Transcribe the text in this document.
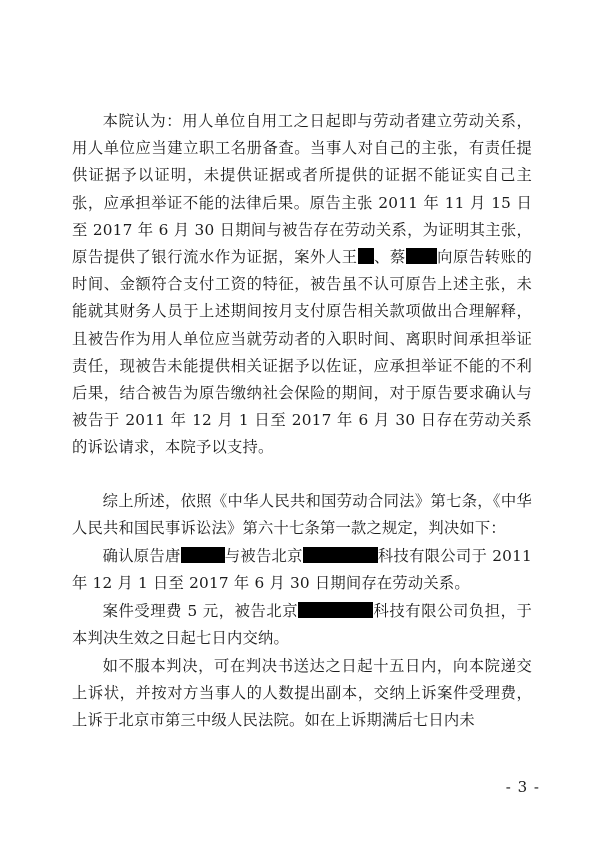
本院认为：用人单位自用工之日起即与劳动者建立劳动关系，用人单位应当建立职工名册备查。当事人对自己的主张，有责任提供证据予以证明，未提供证据或者所提供的证据不能证实自己主张，应承担举证不能的法律后果。原告主张 2011 年 11 月 15 日至 2017 年 6 月 30 日期间与被告存在劳动关系，为证明其主张，原告提供了银行流水作为证据，案外人王 、蔡 向原告转账的时间、金额符合支付工资的特征，被告虽不认可原告上述主张，未能就其财务人员于上述期间按月支付原告相关款项做出合理解释，且被告作为用人单位应当就劳动者的入职时间、离职时间承担举证责任，现被告未能提供相关证据予以佐证，应承担举证不能的不利后果，结合被告为原告缴纳社会保险的期间，对于原告要求确认与被告于 2011 年 12 月 1 日至 2017 年 6 月 30 日存在劳动关系的诉讼请求，本院予以支持。

综上所述，依照《中华人民共和国劳动合同法》第七条，《中华人民共和国民事诉讼法》第六十七条第一款之规定，判决如下：

确认原告唐	与被告北京	科技有限公司于 2011 年 12 月 1 日至 2017 年 6 月 30 日期间存在劳动关系。

案件受理费 5 元，被告北京	科技有限公司负担，于本判决生效之日起七日内交纳。

如不服本判决，可在判决书送达之日起十五日内，向本院递交上诉状，并按对方当事人的人数提出副本，交纳上诉案件受理费，上诉于北京市第三中级人民法院。如在上诉期满后七日内未

- 3 -
